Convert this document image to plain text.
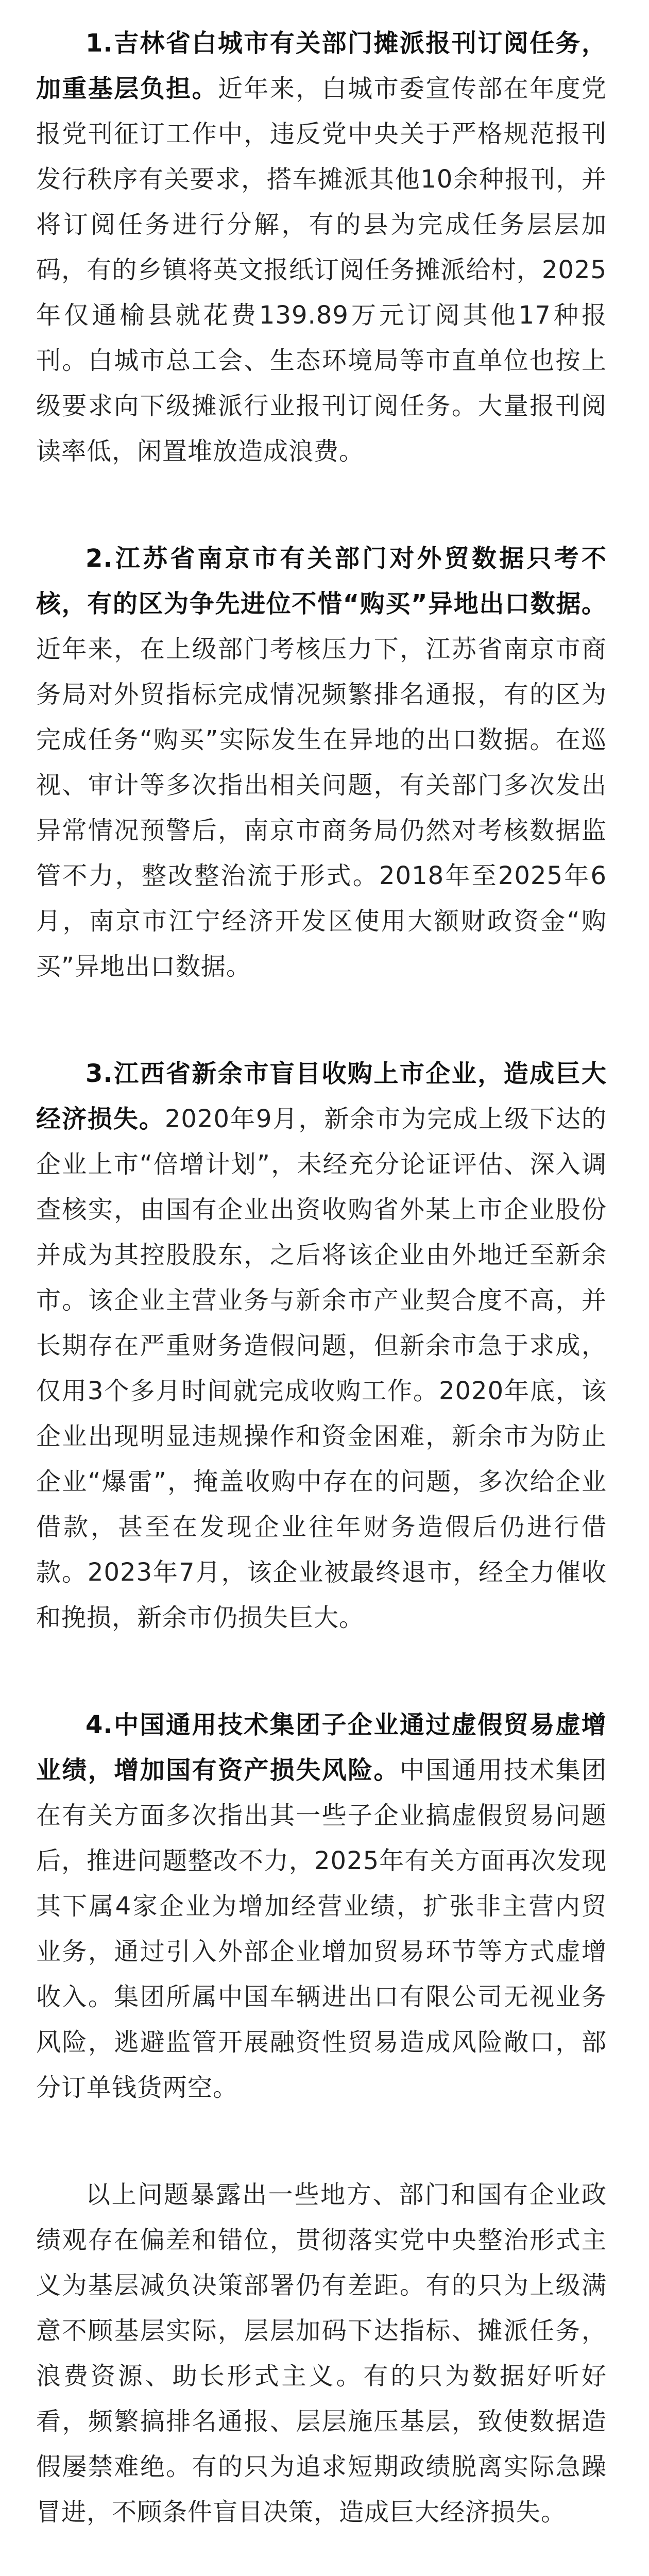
1.吉林省白城市有关部门摊派报刊订阅任务，加重基层负担。近年来，白城市委宣传部在年度党报党刊征订工作中，违反党中央关于严格规范报刊发行秩序有关要求，搭车摊派其他10余种报刊，并将订阅任务进行分解，有的县为完成任务层层加码，有的乡镇将英文报纸订阅任务摊派给村，2025年仅通榆县就花费139.89万元订阅其他17种报刊。白城市总工会、生态环境局等市直单位也按上级要求向下级摊派行业报刊订阅任务。大量报刊阅读率低，闲置堆放造成浪费。

2.江苏省南京市有关部门对外贸数据只考不核，有的区为争先进位不惜“购买”异地出口数据。近年来，在上级部门考核压力下，江苏省南京市商务局对外贸指标完成情况频繁排名通报，有的区为完成任务“购买”实际发生在异地的出口数据。在巡视、审计等多次指出相关问题，有关部门多次发出异常情况预警后，南京市商务局仍然对考核数据监管不力，整改整治流于形式。2018年至2025年6月，南京市江宁经济开发区使用大额财政资金“购买”异地出口数据。

3.江西省新余市盲目收购上市企业，造成巨大经济损失。2020年9月，新余市为完成上级下达的企业上市“倍增计划”，未经充分论证评估、深入调查核实，由国有企业出资收购省外某上市企业股份并成为其控股股东，之后将该企业由外地迁至新余市。该企业主营业务与新余市产业契合度不高，并长期存在严重财务造假问题，但新余市急于求成，仅用3个多月时间就完成收购工作。2020年底，该企业出现明显违规操作和资金困难，新余市为防止企业“爆雷”，掩盖收购中存在的问题，多次给企业借款，甚至在发现企业往年财务造假后仍进行借款。2023年7月，该企业被最终退市，经全力催收和挽损，新余市仍损失巨大。

4.中国通用技术集团子企业通过虚假贸易虚增业绩，增加国有资产损失风险。中国通用技术集团在有关方面多次指出其一些子企业搞虚假贸易问题后，推进问题整改不力，2025年有关方面再次发现其下属4家企业为增加经营业绩，扩张非主营内贸业务，通过引入外部企业增加贸易环节等方式虚增收入。集团所属中国车辆进出口有限公司无视业务风险，逃避监管开展融资性贸易造成风险敞口，部分订单钱货两空。

以上问题暴露出一些地方、部门和国有企业政绩观存在偏差和错位，贯彻落实党中央整治形式主义为基层减负决策部署仍有差距。有的只为上级满意不顾基层实际，层层加码下达指标、摊派任务，浪费资源、助长形式主义。有的只为数据好听好看，频繁搞排名通报、层层施压基层，致使数据造假屡禁难绝。有的只为追求短期政绩脱离实际急躁冒进，不顾条件盲目决策，造成巨大经济损失。
